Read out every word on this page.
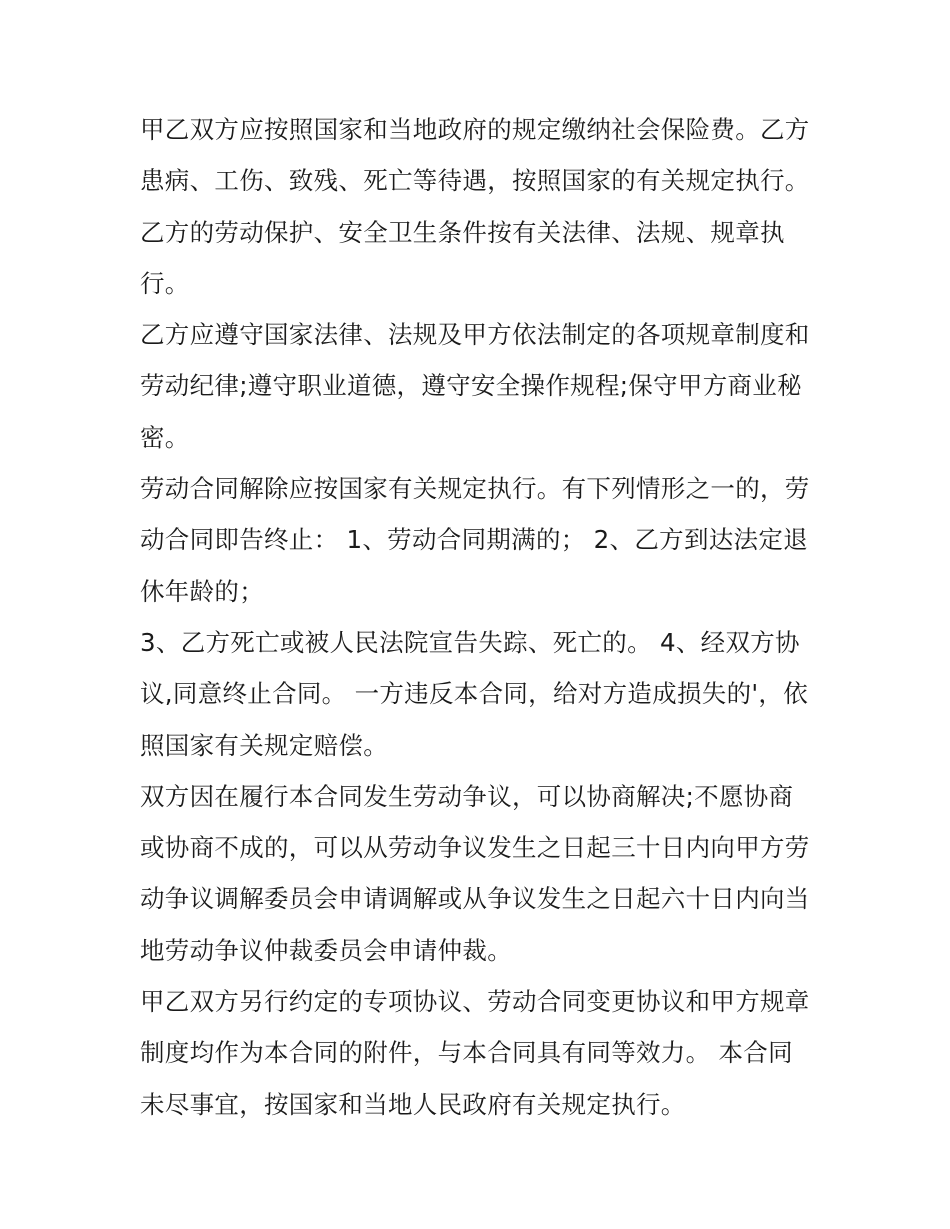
甲乙双方应按照国家和当地政府的规定缴纳社会保险费。乙方
患病、工伤、致残、死亡等待遇，按照国家的有关规定执行。
乙方的劳动保护、安全卫生条件按有关法律、法规、规章执
行。
乙方应遵守国家法律、法规及甲方依法制定的各项规章制度和
劳动纪律;遵守职业道德，遵守安全操作规程;保守甲方商业秘
密。
劳动合同解除应按国家有关规定执行。有下列情形之一的，劳
动合同即告终止： 1、劳动合同期满的； 2、乙方到达法定退
休年龄的；
3、乙方死亡或被人民法院宣告失踪、死亡的。 4、经双方协
议,同意终止合同。 一方违反本合同，给对方造成损失的'，依
照国家有关规定赔偿。
双方因在履行本合同发生劳动争议，可以协商解决;不愿协商
或协商不成的，可以从劳动争议发生之日起三十日内向甲方劳
动争议调解委员会申请调解或从争议发生之日起六十日内向当
地劳动争议仲裁委员会申请仲裁。
甲乙双方另行约定的专项协议、劳动合同变更协议和甲方规章
制度均作为本合同的附件，与本合同具有同等效力。 本合同
未尽事宜，按国家和当地人民政府有关规定执行。
